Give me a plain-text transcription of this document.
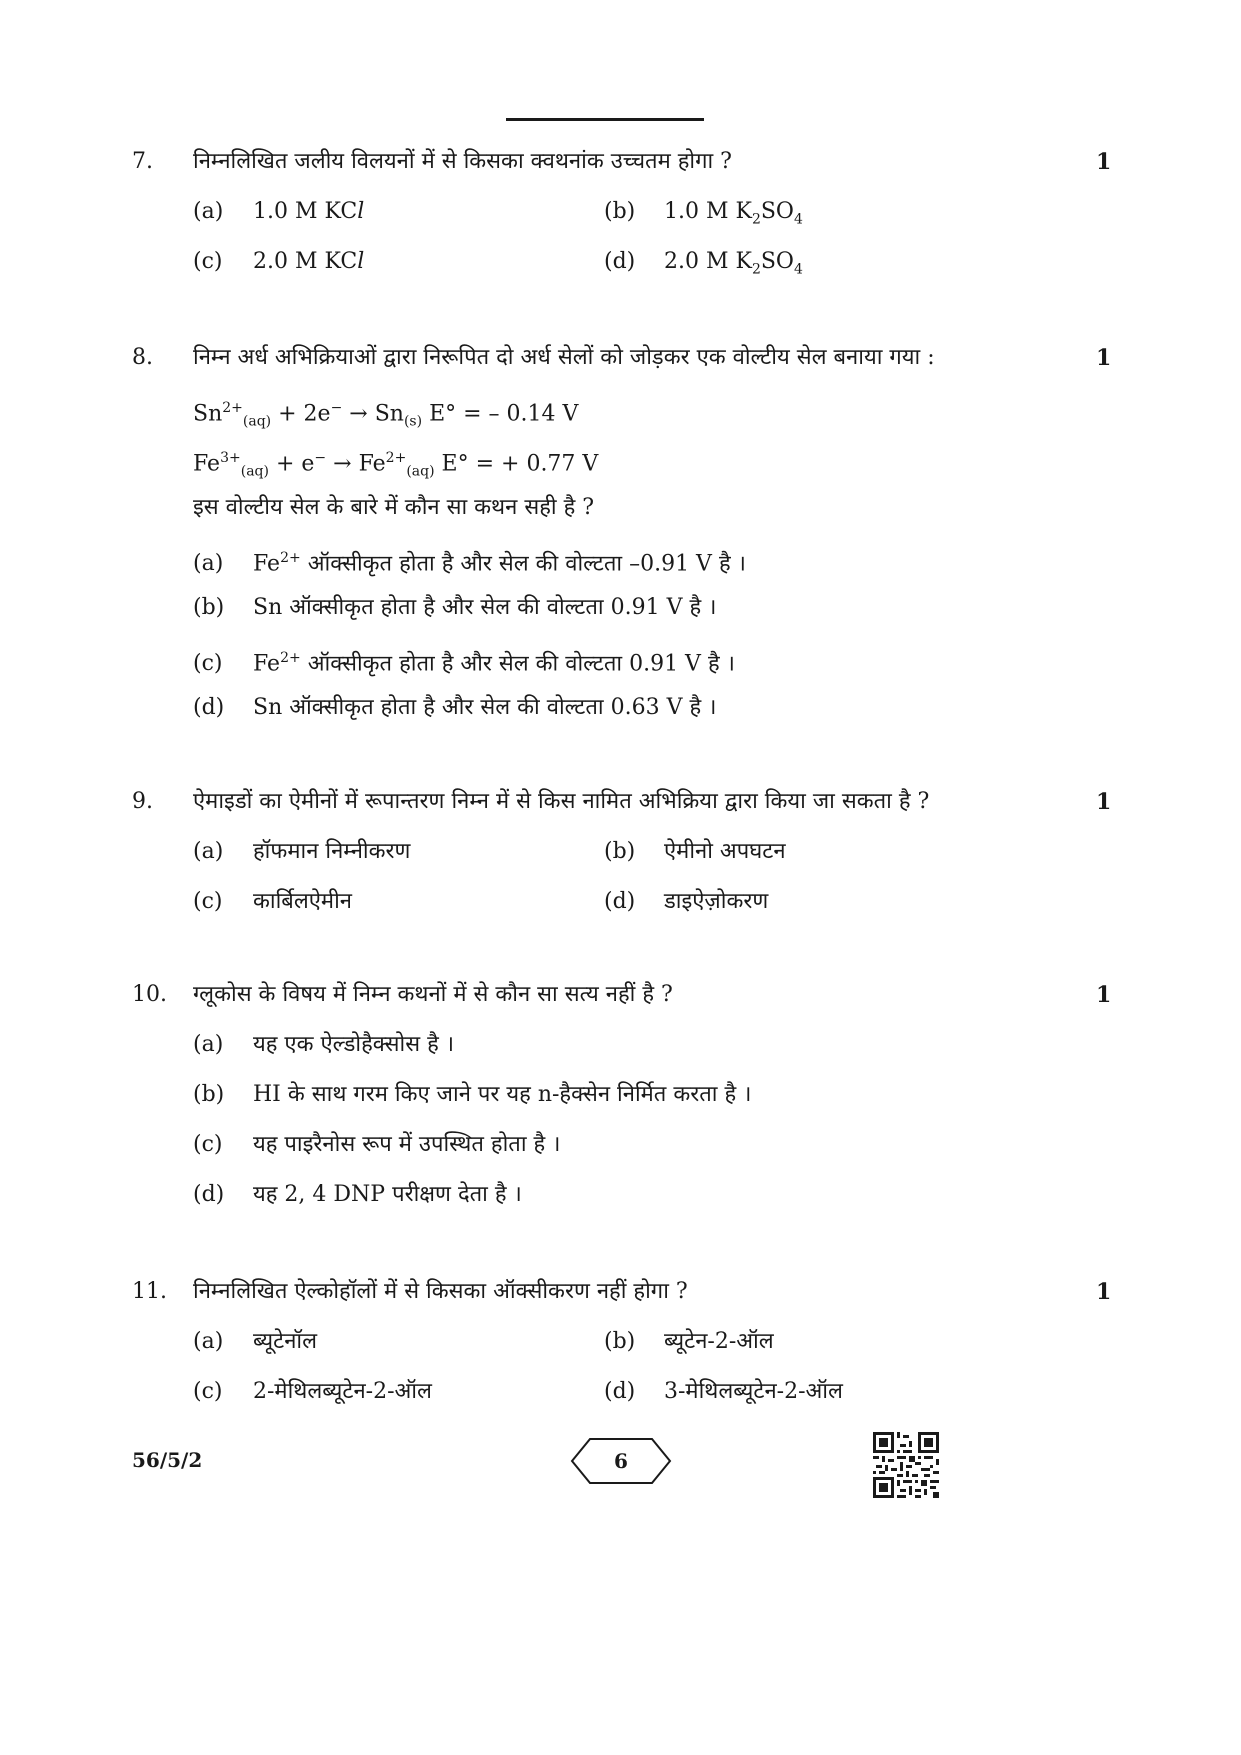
7. निम्नलिखित जलीय विलयनों में से किसका क्वथनांक उच्चतम होगा ?	1
(a) 1.0 M KCl	(b) 1.0 M $K_2SO_4$
(c) 2.0 M KCl	(d) 2.0 M $K_2SO_4$
8. निम्न अर्ध अभिक्रियाओं द्वारा निरूपित दो अर्ध सेलों को जोड़कर एक वोल्टीय सेल बनाया गया :	1
$Sn^{2+}_{(aq)} + 2e^- \to Sn_{(s)}$ E° = – 0.14 V
$Fe^{3+}_{(aq)} + e^- \to Fe^{2+}_{(aq)}$ E° = + 0.77 V
इस वोल्टीय सेल के बारे में कौन सा कथन सही है ?
(a) $Fe^{2+}$ ऑक्सीकृत होता है और सेल की वोल्टता –0.91 V है ।
(b) Sn ऑक्सीकृत होता है और सेल की वोल्टता 0.91 V है ।
(c) $Fe^{2+}$ ऑक्सीकृत होता है और सेल की वोल्टता 0.91 V है ।
(d) Sn ऑक्सीकृत होता है और सेल की वोल्टता 0.63 V है ।
9. ऐमाइडों का ऐमीनों में रूपान्तरण निम्न में से किस नामित अभिक्रिया द्वारा किया जा सकता है ?	1
(a) हॉफमान निम्नीकरण	(b) ऐमीनो अपघटन
(c) कार्बिलऐमीन	(d) डाइऐज़ोकरण
10. ग्लूकोस के विषय में निम्न कथनों में से कौन सा सत्य नहीं है ?	1
(a) यह एक ऐल्डोहैक्सोस है ।
(b) HI के साथ गरम किए जाने पर यह n-हैक्सेन निर्मित करता है ।
(c) यह पाइरैनोस रूप में उपस्थित होता है ।
(d) यह 2, 4 DNP परीक्षण देता है ।
11. निम्नलिखित ऐल्कोहॉलों में से किसका ऑक्सीकरण नहीं होगा ?	1
(a) ब्यूटेनॉल	(b) ब्यूटेन-2-ऑल
(c) 2-मेथिलब्यूटेन-2-ऑल	(d) 3-मेथिलब्यूटेन-2-ऑल
56/5/2	6
